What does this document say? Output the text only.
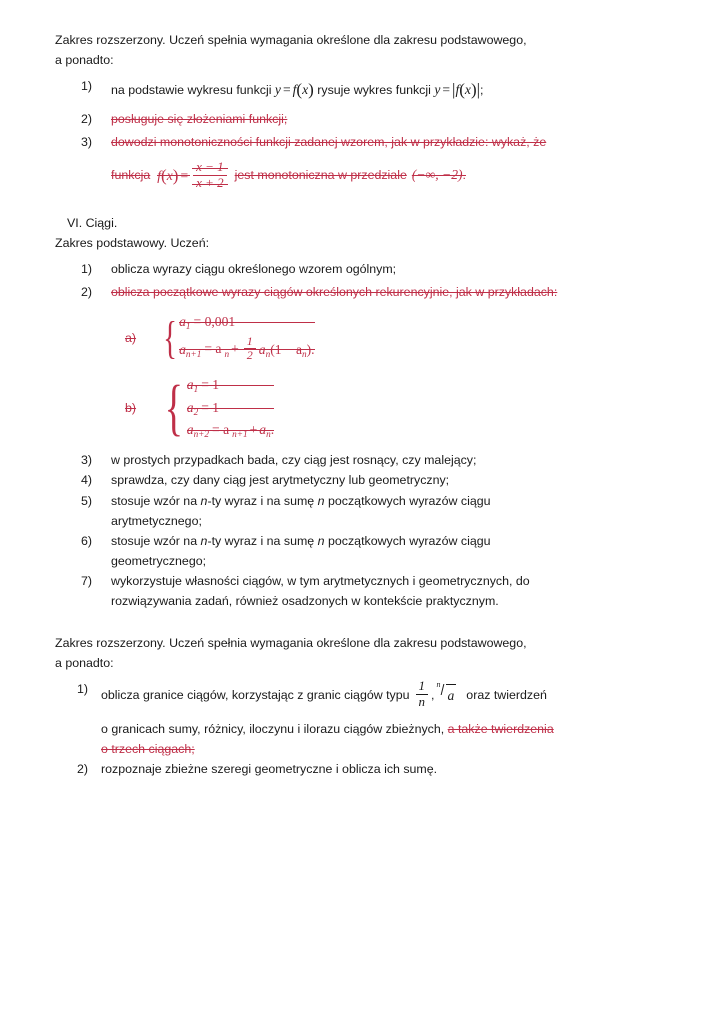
Zakres rozszerzony. Uczeń spełnia wymagania określone dla zakresu podstawowego,

a ponadto:

1)	na podstawie wykresu funkcji y = f(x) rysuje wykres funkcji y = |f(x)|;
2)	posługuje się złożeniami funkcji;
3)	dowodzi monotoniczności funkcji zadanej wzorem, jak w przykładzie: wykaż, że
funkcja $f(x) = \frac{x - 1}{x + 2}$ jest monotoniczna w przedziale (−∞, −2) .

VI. Ciągi.

Zakres podstawowy. Uczeń:

1)	oblicza wyrazy ciągu określonego wzorem ogólnym;
2)	oblicza początkowe wyrazy ciągów określonych rekurencyjnie, jak w przykładach:
a) { $a_1 = 0,001$
$a_{n+1} = a$ $_n + \frac{1}{2} a_n(1 - a_n)$.
b) { $a_1 = 1$
$a_2 = 1$
$a_{n+2} = a$ $_{n+1} + a_n$.
3)	w prostych przypadkach bada, czy ciąg jest rosnący, czy malejący;
4)	sprawdza, czy dany ciąg jest arytmetyczny lub geometryczny;
5)	stosuje wzór na n-ty wyraz i na sumę n początkowych wyrazów ciągu
arytmetycznego;
6)	stosuje wzór na n-ty wyraz i na sumę n początkowych wyrazów ciągu
geometrycznego;
7)	wykorzystuje własności ciągów, w tym arytmetycznych i geometrycznych, do
rozwiązywania zadań, również osadzonych w kontekście praktycznym.

Zakres rozszerzony. Uczeń spełnia wymagania określone dla zakresu podstawowego,

a ponadto:

1)	oblicza granice ciągów, korzystając z granic ciągów typu $\frac{1}{n}$ ,
n
a oraz twierdzeń
o granicach sumy, różnicy, iloczynu i ilorazu ciągów zbieżnych, a także twierdzenia
o trzech ciągach;
2)	rozpoznaje zbieżne szeregi geometryczne i oblicza ich sumę.
